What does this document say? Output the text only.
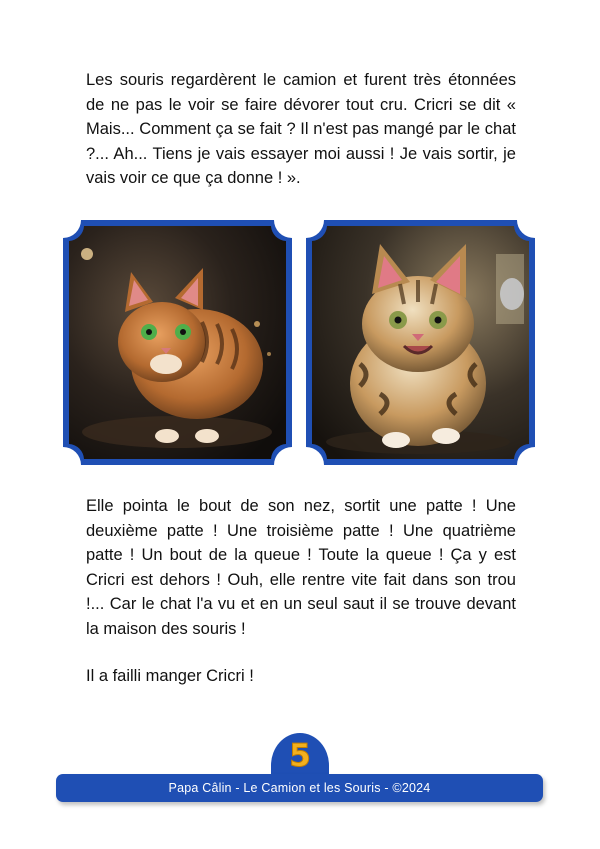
Les souris regardèrent le camion et furent très étonnées de ne pas le voir se faire dévorer tout cru. Cricri se dit « Mais... Comment ça se fait ? Il n'est pas mangé par le chat ?... Ah... Tiens je vais essayer moi aussi ! Je vais sortir, je vais voir ce que ça donne ! ».

Elle pointa le bout de son nez, sortit une patte ! Une deuxième patte ! Une troisième patte ! Une quatrième patte ! Un bout de la queue ! Toute la queue ! Ça y est Cricri est dehors ! Ouh, elle rentre vite fait dans son trou !... Car le chat l'a vu et en un seul saut il se trouve devant la maison des souris !

Il a failli manger Cricri !

5
Papa Câlin - Le Camion et les Souris - ©2024
